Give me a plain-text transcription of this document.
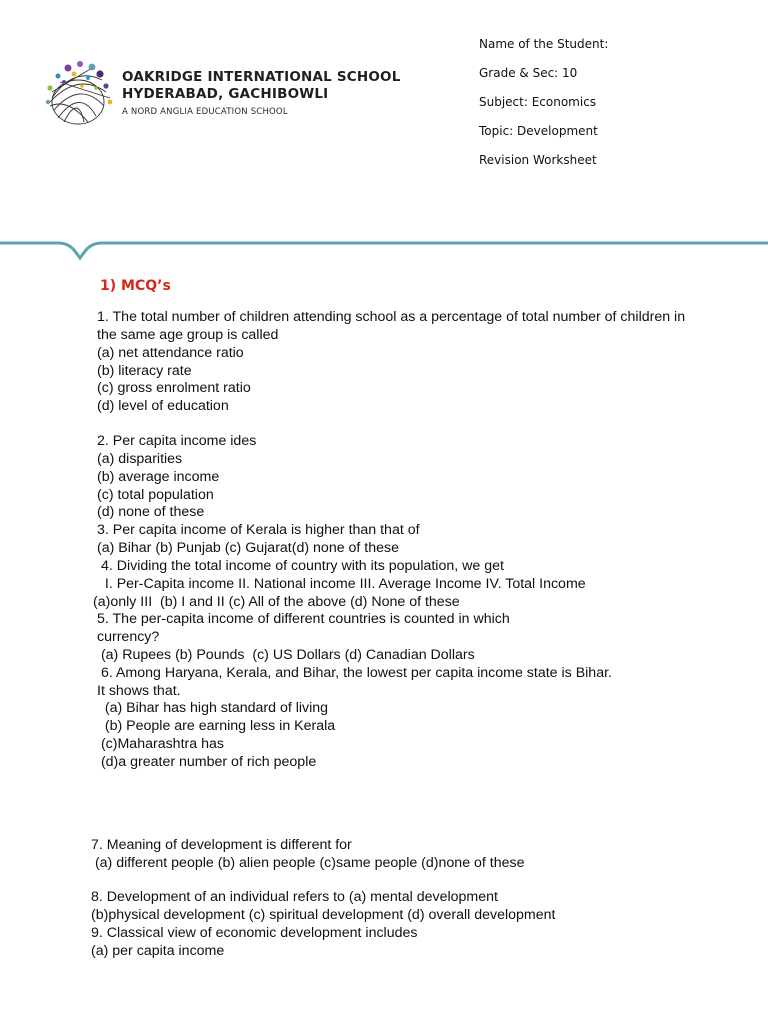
OAKRIDGE INTERNATIONAL SCHOOL
HYDERABAD, GACHIBOWLI
A NORD ANGLIA EDUCATION SCHOOL
Name of the Student:
Grade & Sec: 10
Subject: Economics
Topic: Development
Revision Worksheet
1) MCQ’s
1. The total number of children attending school as a percentage of total number of children in
the same age group is called
(a) net attendance ratio
(b) literacy rate
(c) gross enrolment ratio
(d) level of education
2. Per capita income ides
(a) disparities
(b) average income
(c) total population
(d) none of these
3. Per capita income of Kerala is higher than that of
(a) Bihar (b) Punjab (c) Gujarat(d) none of these
4. Dividing the total income of country with its population, we get
I. Per-Capita income II. National income III. Average Income IV. Total Income
(a)only III  (b) I and II (c) All of the above (d) None of these
5. The per-capita income of different countries is counted in which
currency?
(a) Rupees (b) Pounds  (c) US Dollars (d) Canadian Dollars
6. Among Haryana, Kerala, and Bihar, the lowest per capita income state is Bihar.
It shows that.
(a) Bihar has high standard of living
(b) People are earning less in Kerala
(c)Maharashtra has
(d)a greater number of rich people
7. Meaning of development is different for
(a) different people (b) alien people (c)same people (d)none of these
8. Development of an individual refers to (a) mental development
(b)physical development (c) spiritual development (d) overall development
9. Classical view of economic development includes
(a) per capita income
